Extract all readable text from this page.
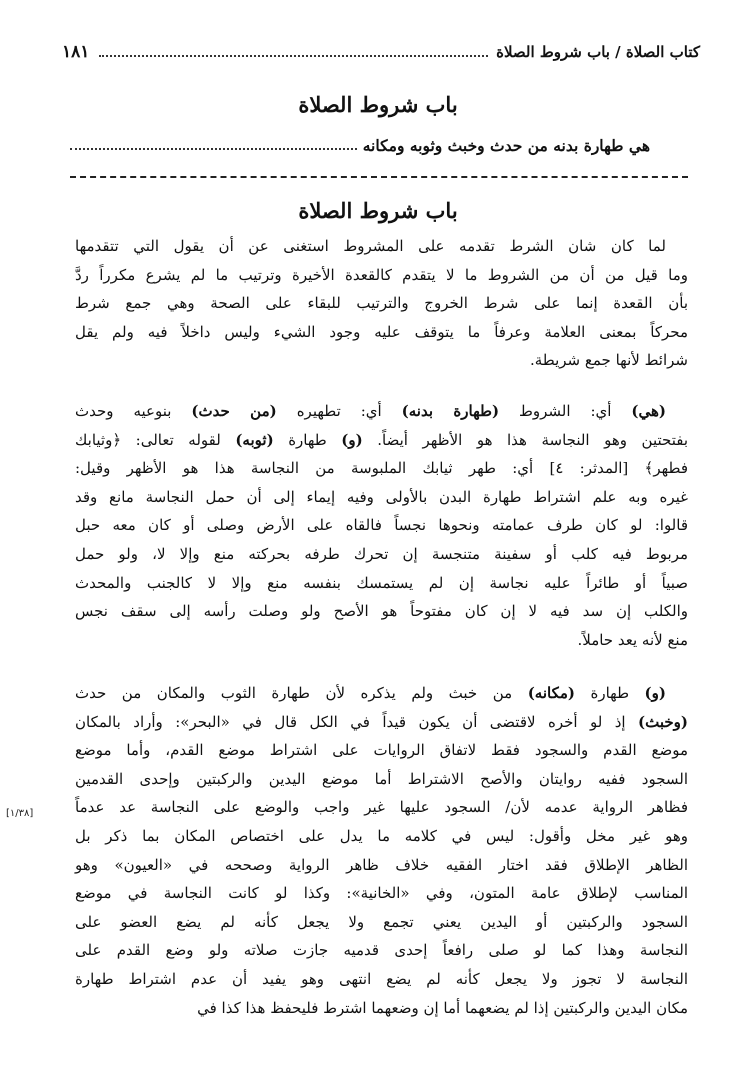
كتاب الصلاة / باب شروط الصلاة
١٨١
باب شروط الصلاة
هي طهارة بدنه من حدث وخبث وثوبه ومكانه
باب شروط الصلاة
لما كان شان الشرط تقدمه على المشروط استغنى عن أن يقول التي تتقدمها
وما قيل من أن من الشروط ما لا يتقدم كالقعدة الأخيرة وترتيب ما لم يشرع مكرراً ردَّ
بأن القعدة إنما على شرط الخروج والترتيب للبقاء على الصحة وهي جمع شرط
محركاً بمعنى العلامة وعرفاً ما يتوقف عليه وجود الشيء وليس داخلاً فيه ولم يقل
شرائط لأنها جمع شريطة.
(هي) أي: الشروط (طهارة بدنه) أي: تطهيره (من حدث) بنوعيه وحدث
بفتحتين وهو النجاسة هذا هو الأظهر أيضاً. (و) طهارة (ثوبه) لقوله تعالى: ﴿وثيابك
فطهر﴾ [المدثر: ٤] أي: طهر ثيابك الملبوسة من النجاسة هذا هو الأظهر وقيل:
غيره وبه علم اشتراط طهارة البدن بالأولى وفيه إيماء إلى أن حمل النجاسة مانع وقد
قالوا: لو كان طرف عمامته ونحوها نجساً فالقاه على الأرض وصلى أو كان معه حبل
مربوط فيه كلب أو سفينة متنجسة إن تحرك طرفه بحركته منع وإلا لا، ولو حمل
صبياً أو طائراً عليه نجاسة إن لم يستمسك بنفسه منع وإلا لا كالجنب والمحدث
والكلب إن سد فيه لا إن كان مفتوحاً هو الأصح ولو وصلت رأسه إلى سقف نجس
منع لأنه يعد حاملاً.
(و) طهارة (مكانه) من خبث ولم يذكره لأن طهارة الثوب والمكان من حدث
(وخبث) إذ لو أخره لاقتضى أن يكون قيداً في الكل قال في «البحر»: وأراد بالمكان
موضع القدم والسجود فقط لاتفاق الروايات على اشتراط موضع القدم، وأما موضع
السجود ففيه روايتان والأصح الاشتراط أما موضع اليدين والركبتين وإحدى القدمين
فظاهر الرواية عدمه لأن/ السجود عليها غير واجب والوضع على النجاسة عد عدماً
وهو غير مخل وأقول: ليس في كلامه ما يدل على اختصاص المكان بما ذكر بل
الظاهر الإطلاق فقد اختار الفقيه خلاف ظاهر الرواية وصححه في «العيون» وهو
المناسب لإطلاق عامة المتون، وفي «الخانية»: وكذا لو كانت النجاسة في موضع
السجود والركبتين أو اليدين يعني تجمع ولا يجعل كأنه لم يضع العضو على
النجاسة وهذا كما لو صلى رافعاً إحدى قدميه جازت صلاته ولو وضع القدم على
النجاسة لا تجوز ولا يجعل كأنه لم يضع انتهى وهو يفيد أن عدم اشتراط طهارة
مكان اليدين والركبتين إذا لم يضعهما أما إن وضعهما اشترط فليحفظ هذا كذا في
[١/٣٨]
